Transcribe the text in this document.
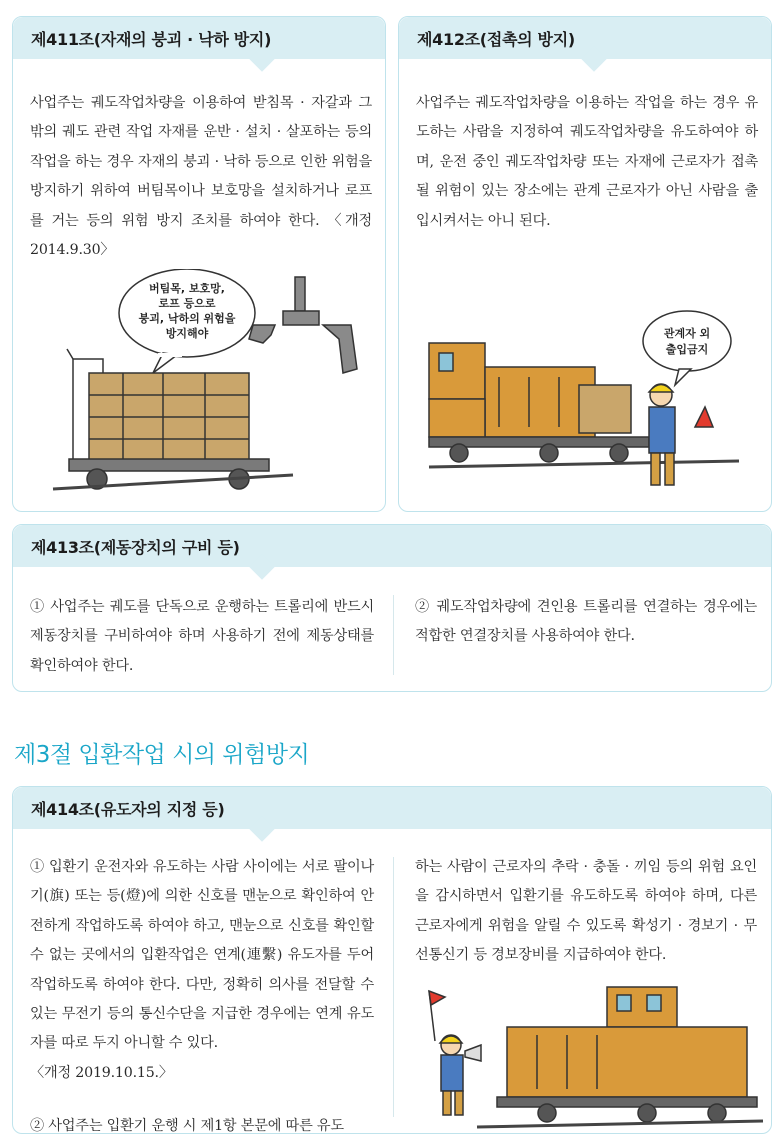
제411조(자재의 붕괴 · 낙하 방지)
사업주는 궤도작업차량을 이용하여 받침목 · 자갈과 그 밖의 궤도 관련 작업 자재를 운반 · 설치 · 살포하는 등의 작업을 하는 경우 자재의 붕괴 · 낙하 등으로 인한 위험을 방지하기 위하여 버팀목이나 보호망을 설치하거나 로프를 거는 등의 위험 방지 조치를 하여야 한다. 〈개정 2014.9.30〉
버팀목, 보호망,
로프 등으로
붕괴, 낙하의 위험을
방지해야
제412조(접촉의 방지)
사업주는 궤도작업차량을 이용하는 작업을 하는 경우 유도하는 사람을 지정하여 궤도작업차량을 유도하여야 하며, 운전 중인 궤도작업차량 또는 자재에 근로자가 접촉될 위험이 있는 장소에는 관계 근로자가 아닌 사람을 출입시켜서는 아니 된다.
관계자 외
출입금지
제413조(제동장치의 구비 등)
① 사업주는 궤도를 단독으로 운행하는 트롤리에 반드시 제동장치를 구비하여야 하며 사용하기 전에 제동상태를 확인하여야 한다.
② 궤도작업차량에 견인용 트롤리를 연결하는 경우에는 적합한 연결장치를 사용하여야 한다.
제3절 입환작업 시의 위험방지
제414조(유도자의 지정 등)
① 입환기 운전자와 유도하는 사람 사이에는 서로 팔이나 기(旗) 또는 등(燈)에 의한 신호를 맨눈으로 확인하여 안전하게 작업하도록 하여야 하고, 맨눈으로 신호를 확인할 수 없는 곳에서의 입환작업은 연계(連繫) 유도자를 두어 작업하도록 하여야 한다. 다만, 정확히 의사를 전달할 수 있는 무전기 등의 통신수단을 지급한 경우에는 연계 유도자를 따로 두지 아니할 수 있다.
〈개정 2019.10.15.〉
② 사업주는 입환기 운행 시 제1항 본문에 따른 유도
하는 사람이 근로자의 추락 · 충돌 · 끼임 등의 위험 요인을 감시하면서 입환기를 유도하도록 하여야 하며, 다른 근로자에게 위험을 알릴 수 있도록 확성기 · 경보기 · 무선통신기 등 경보장비를 지급하여야 한다.
